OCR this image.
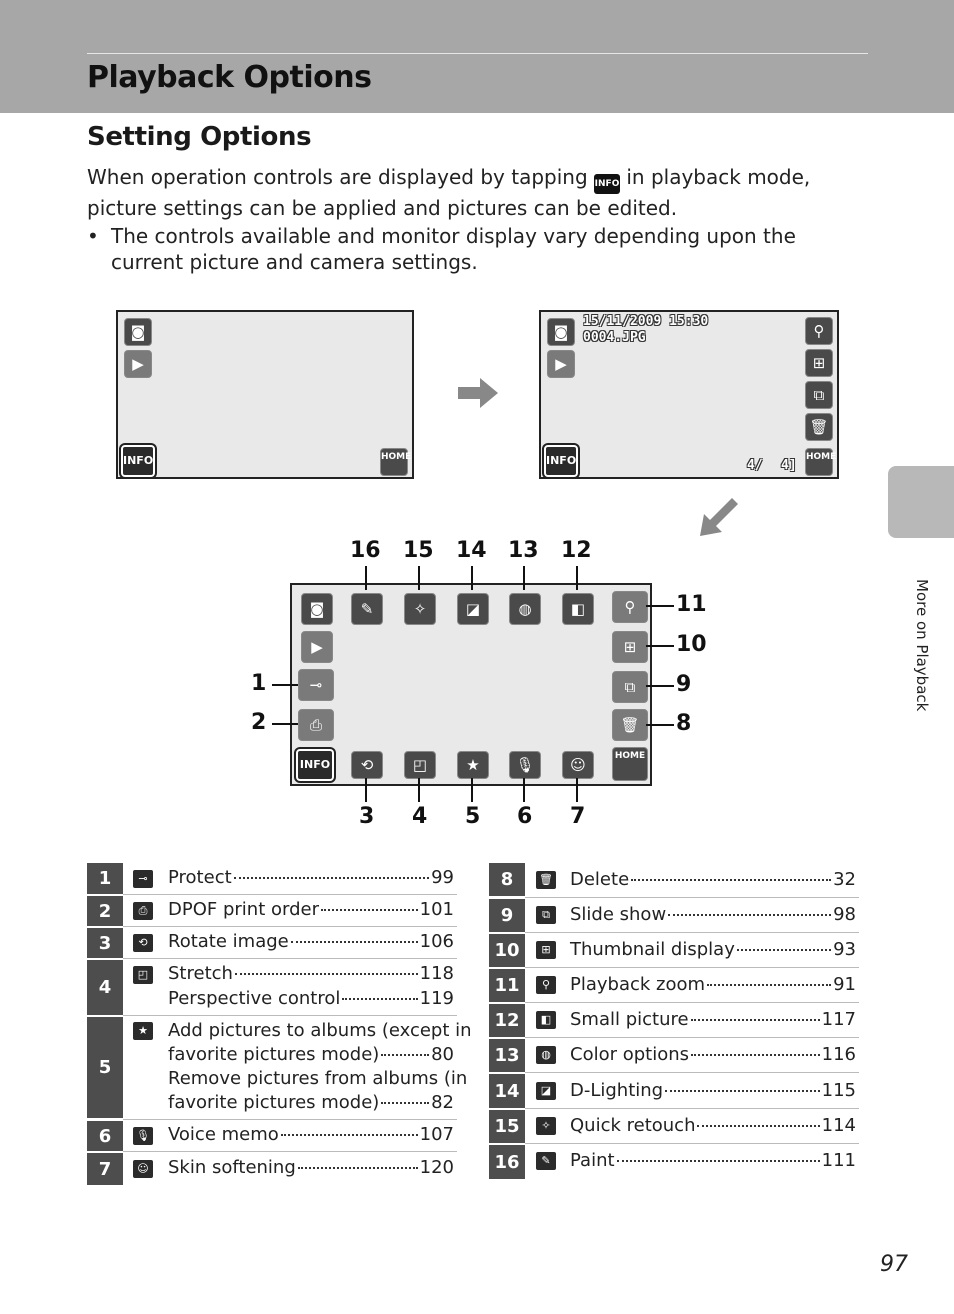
Playback Options
Setting Options

When operation controls are displayed by tapping INFO in playback mode, picture settings can be applied and pictures can be edited.

• The controls available and monitor display vary depending upon the current picture and camera settings.

◙
▶
INFO	HOME
◙
▶
15/11/2009 15:30
0004.JPG	⚲
⊞
⧉
🗑
INFO	4/ 4]
HOME
◙
▶
⊸
⎙
INFO
✎	✧	◪	◍	◧	⚲
⊞
⧉
🗑
HOME
⟲	◰	★	🎙	☺
16 15 14 13 12
3 4 5 6 7
1
2
11
10
9
8
1	⊸ Protect	99
2	⎙	DPOF print order	101
3	⟲ Rotate image	106
4
◰ Stretch	118
Perspective control	119
5
★ Add pictures to albums (except in
favorite pictures mode)	80
Remove pictures from albums (in
favorite pictures mode)	82
6	🎙 Voice memo	107
7	☺ Skin softening	120
8	🗑 Delete	32
9	⧉	Slide show	98
10	⊞ Thumbnail display	93
11	⚲	Playback zoom	91
12	◧ Small picture	117
13	◍ Color options	116
14	◪ D-Lighting	115
15	✧ Quick retouch	114
16	✎ Paint	111
More on Playback
97
